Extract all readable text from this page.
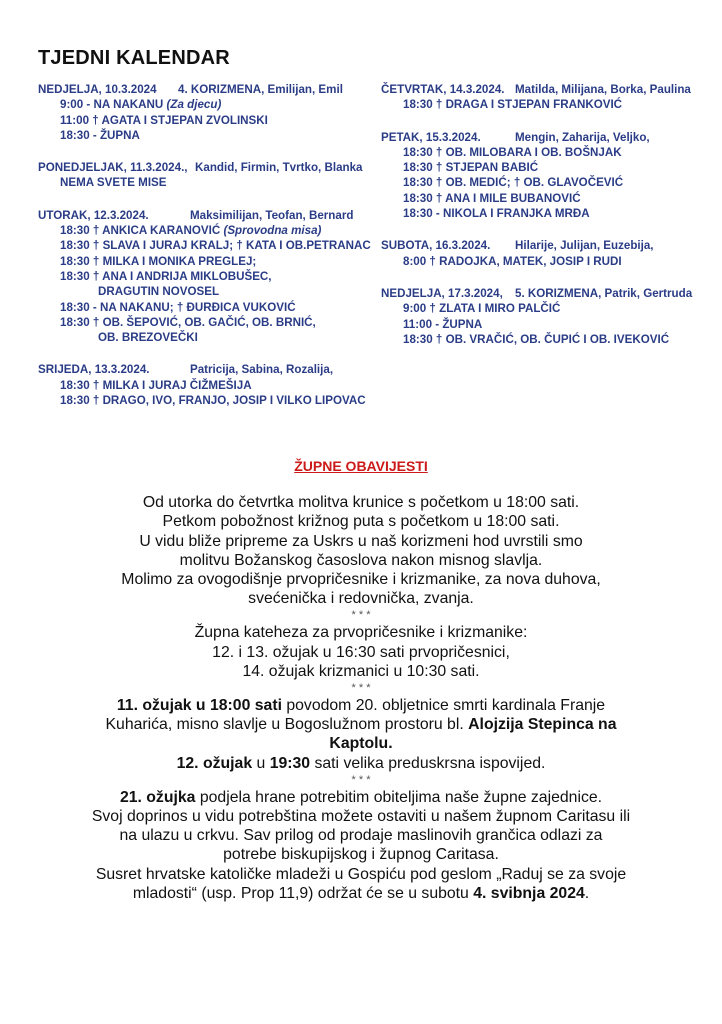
TJEDNI KALENDAR
NEDJELJA, 10.3.2024 4. KORIZMENA, Emilijan, Emil
9:00 - NA NAKANU (Za djecu)
11:00 † AGATA I STJEPAN ZVOLINSKI
18:30 - ŽUPNA
PONEDJELJAK, 11.3.2024., Kandid, Firmin, Tvrtko, Blanka
NEMA SVETE MISE
UTORAK, 12.3.2024.	Maksimilijan, Teofan, Bernard
18:30 † ANKICA KARANOVIĆ (Sprovodna misa)
18:30 † SLAVA I JURAJ KRALJ; † KATA I OB.PETRANAC
18:30 † MILKA I MONIKA PREGLEJ;
18:30 † ANA I ANDRIJA MIKLOBUŠEC,
DRAGUTIN NOVOSEL
18:30 - NA NAKANU; † ĐURĐICA VUKOVIĆ
18:30 † OB. ŠEPOVIĆ, OB. GAČIĆ, OB. BRNIĆ,
OB. BREZOVEČKI
SRIJEDA, 13.3.2024.	Patricija, Sabina, Rozalija,
18:30 † MILKA I JURAJ ČIŽMEŠIJA
18:30 † DRAGO, IVO, FRANJO, JOSIP I VILKO LIPOVAC
ČETVRTAK, 14.3.2024. Matilda, Milijana, Borka, Paulina
18:30 † DRAGA I STJEPAN FRANKOVIĆ
PETAK, 15.3.2024.	Mengin, Zaharija, Veljko,
18:30 † OB. MILOBARA I OB. BOŠNJAK
18:30 † STJEPAN BABIĆ
18:30 † OB. MEDIĆ; † OB. GLAVOČEVIĆ
18:30 † ANA I MILE BUBANOVIĆ
18:30 - NIKOLA I FRANJKA MRĐA
SUBOTA, 16.3.2024. Hilarije, Julijan, Euzebija,
8:00 † RADOJKA, MATEK, JOSIP I RUDI
NEDJELJA, 17.3.2024, 5. KORIZMENA, Patrik, Gertruda
9:00 † ZLATA I MIRO PALČIĆ
11:00 - ŽUPNA
18:30 † OB. VRAČIĆ, OB. ČUPIĆ I OB. IVEKOVIĆ
ŽUPNE OBAVIJESTI
Od utorka do četvrtka molitva krunice s početkom u 18:00 sati.
Petkom pobožnost križnog puta s početkom u 18:00 sati.
U vidu bliže pripreme za Uskrs u naš korizmeni hod uvrstili smo
molitvu Božanskog časoslova nakon misnog slavlja.
Molimo za ovogodišnje prvopričesnike i krizmanike, za nova duhova,
svećenička i redovnička, zvanja.
* * *
Župna kateheza za prvopričesnike i krizmanike:
12. i 13. ožujak u 16:30 sati prvopričesnici,
14. ožujak krizmanici u 10:30 sati.
* * *
11. ožujak u 18:00 sati povodom 20. obljetnice smrti kardinala Franje
Kuharića, misno slavlje u Bogoslužnom prostoru bl. Alojzija Stepinca na
Kaptolu.
12. ožujak u 19:30 sati velika preduskrsna ispovijed.
* * *
21. ožujka podjela hrane potrebitim obiteljima naše župne zajednice.
Svoj doprinos u vidu potrebština možete ostaviti u našem župnom Caritasu ili
na ulazu u crkvu. Sav prilog od prodaje maslinovih grančica odlazi za
potrebe biskupijskog i župnog Caritasa.
Susret hrvatske katoličke mladeži u Gospiću pod geslom „Raduj se za svoje
mladosti“ (usp. Prop 11,9) održat će se u subotu 4. svibnja 2024.
